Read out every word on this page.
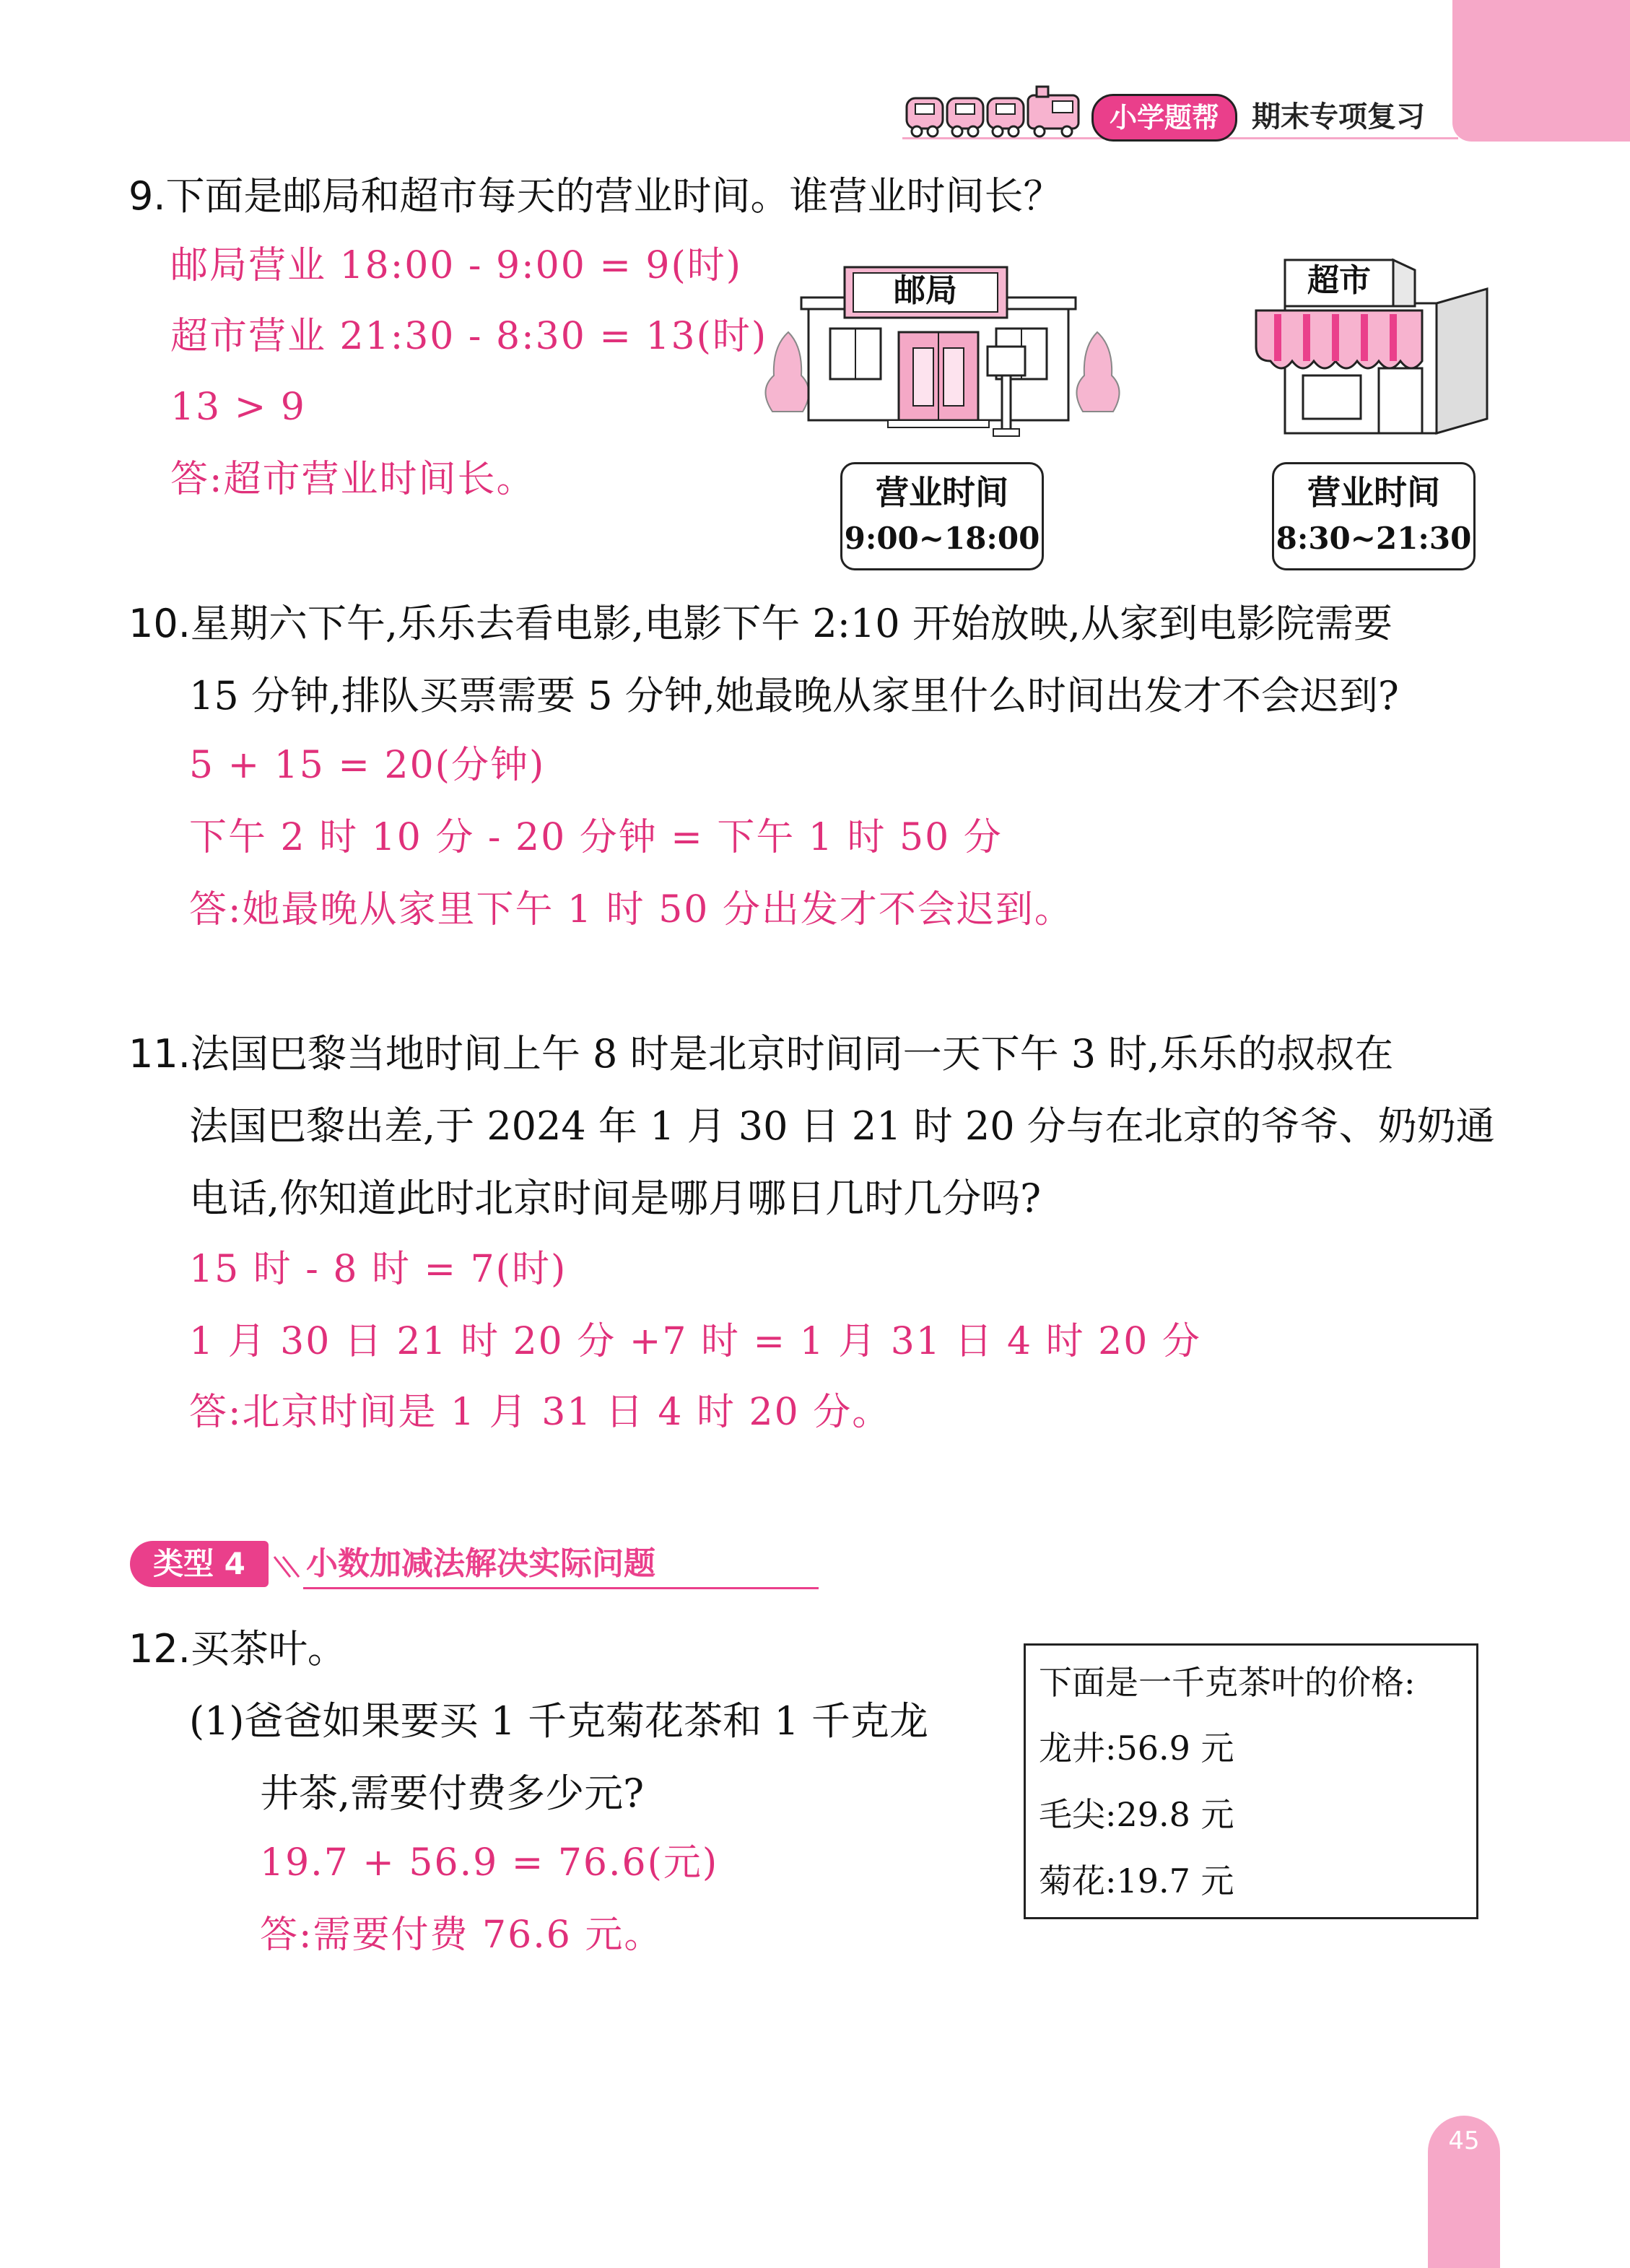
小学题帮	期末专项复习
9.下面是邮局和超市每天的营业时间。谁营业时间长？
邮局营业 18:00 - 9:00 = 9(时)
超市营业 21:30 - 8:30 = 13(时)
13 > 9
答:超市营业时间长。
邮局	超市
营业时间
9:00~18:00
营业时间
8:30~21:30
10.星期六下午,乐乐去看电影,电影下午 2:10 开始放映,从家到电影院需要
15 分钟,排队买票需要 5 分钟,她最晚从家里什么时间出发才不会迟到?
5 + 15 = 20(分钟)
下午 2 时 10 分 - 20 分钟 = 下午 1 时 50 分
答:她最晚从家里下午 1 时 50 分出发才不会迟到。
11.法国巴黎当地时间上午 8 时是北京时间同一天下午 3 时,乐乐的叔叔在
法国巴黎出差,于 2024 年 1 月 30 日 21 时 20 分与在北京的爷爷、奶奶通
电话,你知道此时北京时间是哪月哪日几时几分吗?
15 时 - 8 时 = 7(时)
1 月 30 日 21 时 20 分 +7 时 = 1 月 31 日 4 时 20 分
答:北京时间是 1 月 31 日 4 时 20 分。
类型 4	小数加减法解决实际问题
12.买茶叶。
(1)爸爸如果要买 1 千克菊花茶和 1 千克龙
井茶,需要付费多少元?
19.7 + 56.9 = 76.6(元)
答:需要付费 76.6 元。
下面是一千克茶叶的价格:
龙井:56.9 元
毛尖:29.8 元
菊花:19.7 元
45
